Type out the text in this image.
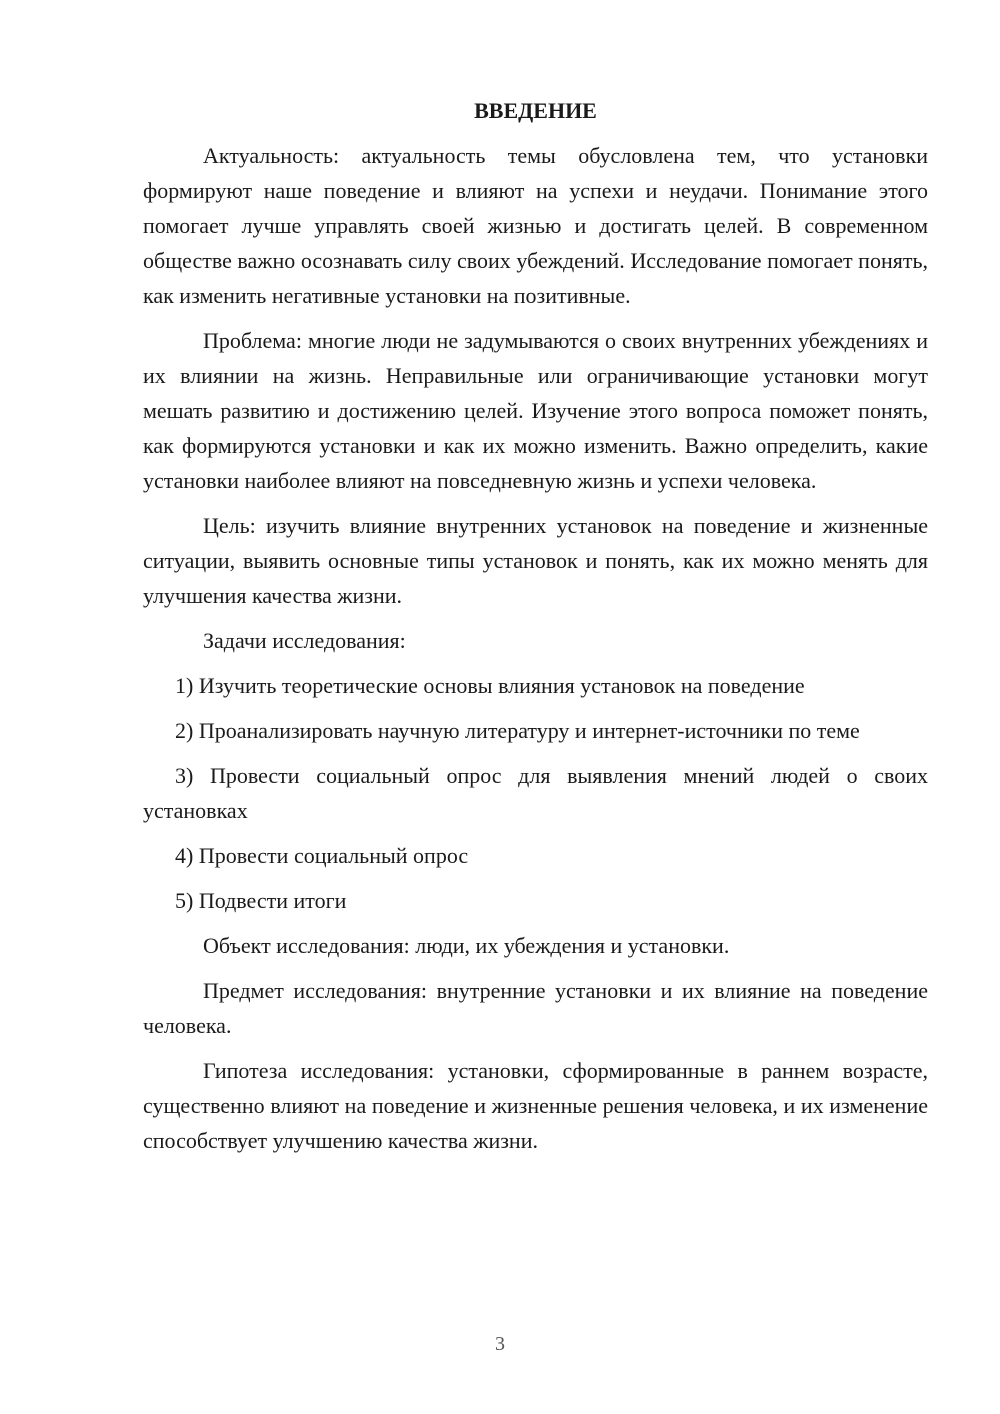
ВВЕДЕНИЕ

Актуальность: актуальность темы обусловлена тем, что установки формируют наше поведение и влияют на успехи и неудачи. Понимание этого помогает лучше управлять своей жизнью и достигать целей. В современном обществе важно осознавать силу своих убеждений. Исследование помогает понять, как изменить негативные установки на позитивные.

Проблема: многие люди не задумываются о своих внутренних убеждениях и их влиянии на жизнь. Неправильные или ограничивающие установки могут мешать развитию и достижению целей. Изучение этого вопроса поможет понять, как формируются установки и как их можно изменить. Важно определить, какие установки наиболее влияют на повседневную жизнь и успехи человека.

Цель: изучить влияние внутренних установок на поведение и жизненные ситуации, выявить основные типы установок и понять, как их можно менять для улучшения качества жизни.

Задачи исследования:

1) Изучить теоретические основы влияния установок на поведение

2) Проанализировать научную литературу и интернет-источники по теме

3) Провести социальный опрос для выявления мнений людей о своих установках

4) Провести социальный опрос

5) Подвести итоги

Объект исследования: люди, их убеждения и установки.

Предмет исследования: внутренние установки и их влияние на поведение человека.

Гипотеза исследования: установки, сформированные в раннем возрасте, существенно влияют на поведение и жизненные решения человека, и их изменение способствует улучшению качества жизни.

3
